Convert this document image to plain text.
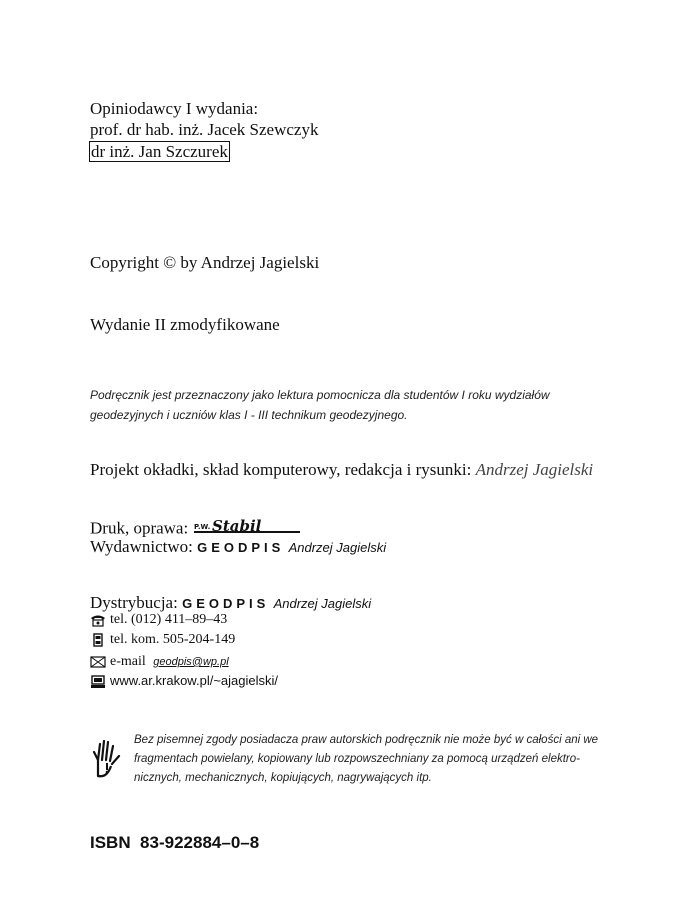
Opiniodawcy I wydania:
prof. dr hab. inż. Jacek Szewczyk
dr inż. Jan Szczurek
Copyright © by Andrzej Jagielski
Wydanie II zmodyfikowane
Podręcznik jest przeznaczony jako lektura pomocnicza dla studentów I roku wydziałów
geodezyjnych i uczniów klas I - III technikum geodezyjnego.
Projekt okładki, skład komputerowy, redakcja i rysunki: Andrzej Jagielski
Druk, oprawa: P.W. Stabil
Wydawnictwo: GEODPIS Andrzej Jagielski
Dystrybucja: GEODPIS Andrzej Jagielski
tel. (012) 411–89–43
tel. kom. 505-204-149
e-mail geodpis@wp.pl
www.ar.krakow.pl/~ajagielski/
Bez pisemnej zgody posiadacza praw autorskich podręcznik nie może być w całości ani we
fragmentach powielany, kopiowany lub rozpowszechniany za pomocą urządzeń elektro-
nicznych, mechanicznych, kopiujących, nagrywających itp.
ISBN  83-922884–0–8
